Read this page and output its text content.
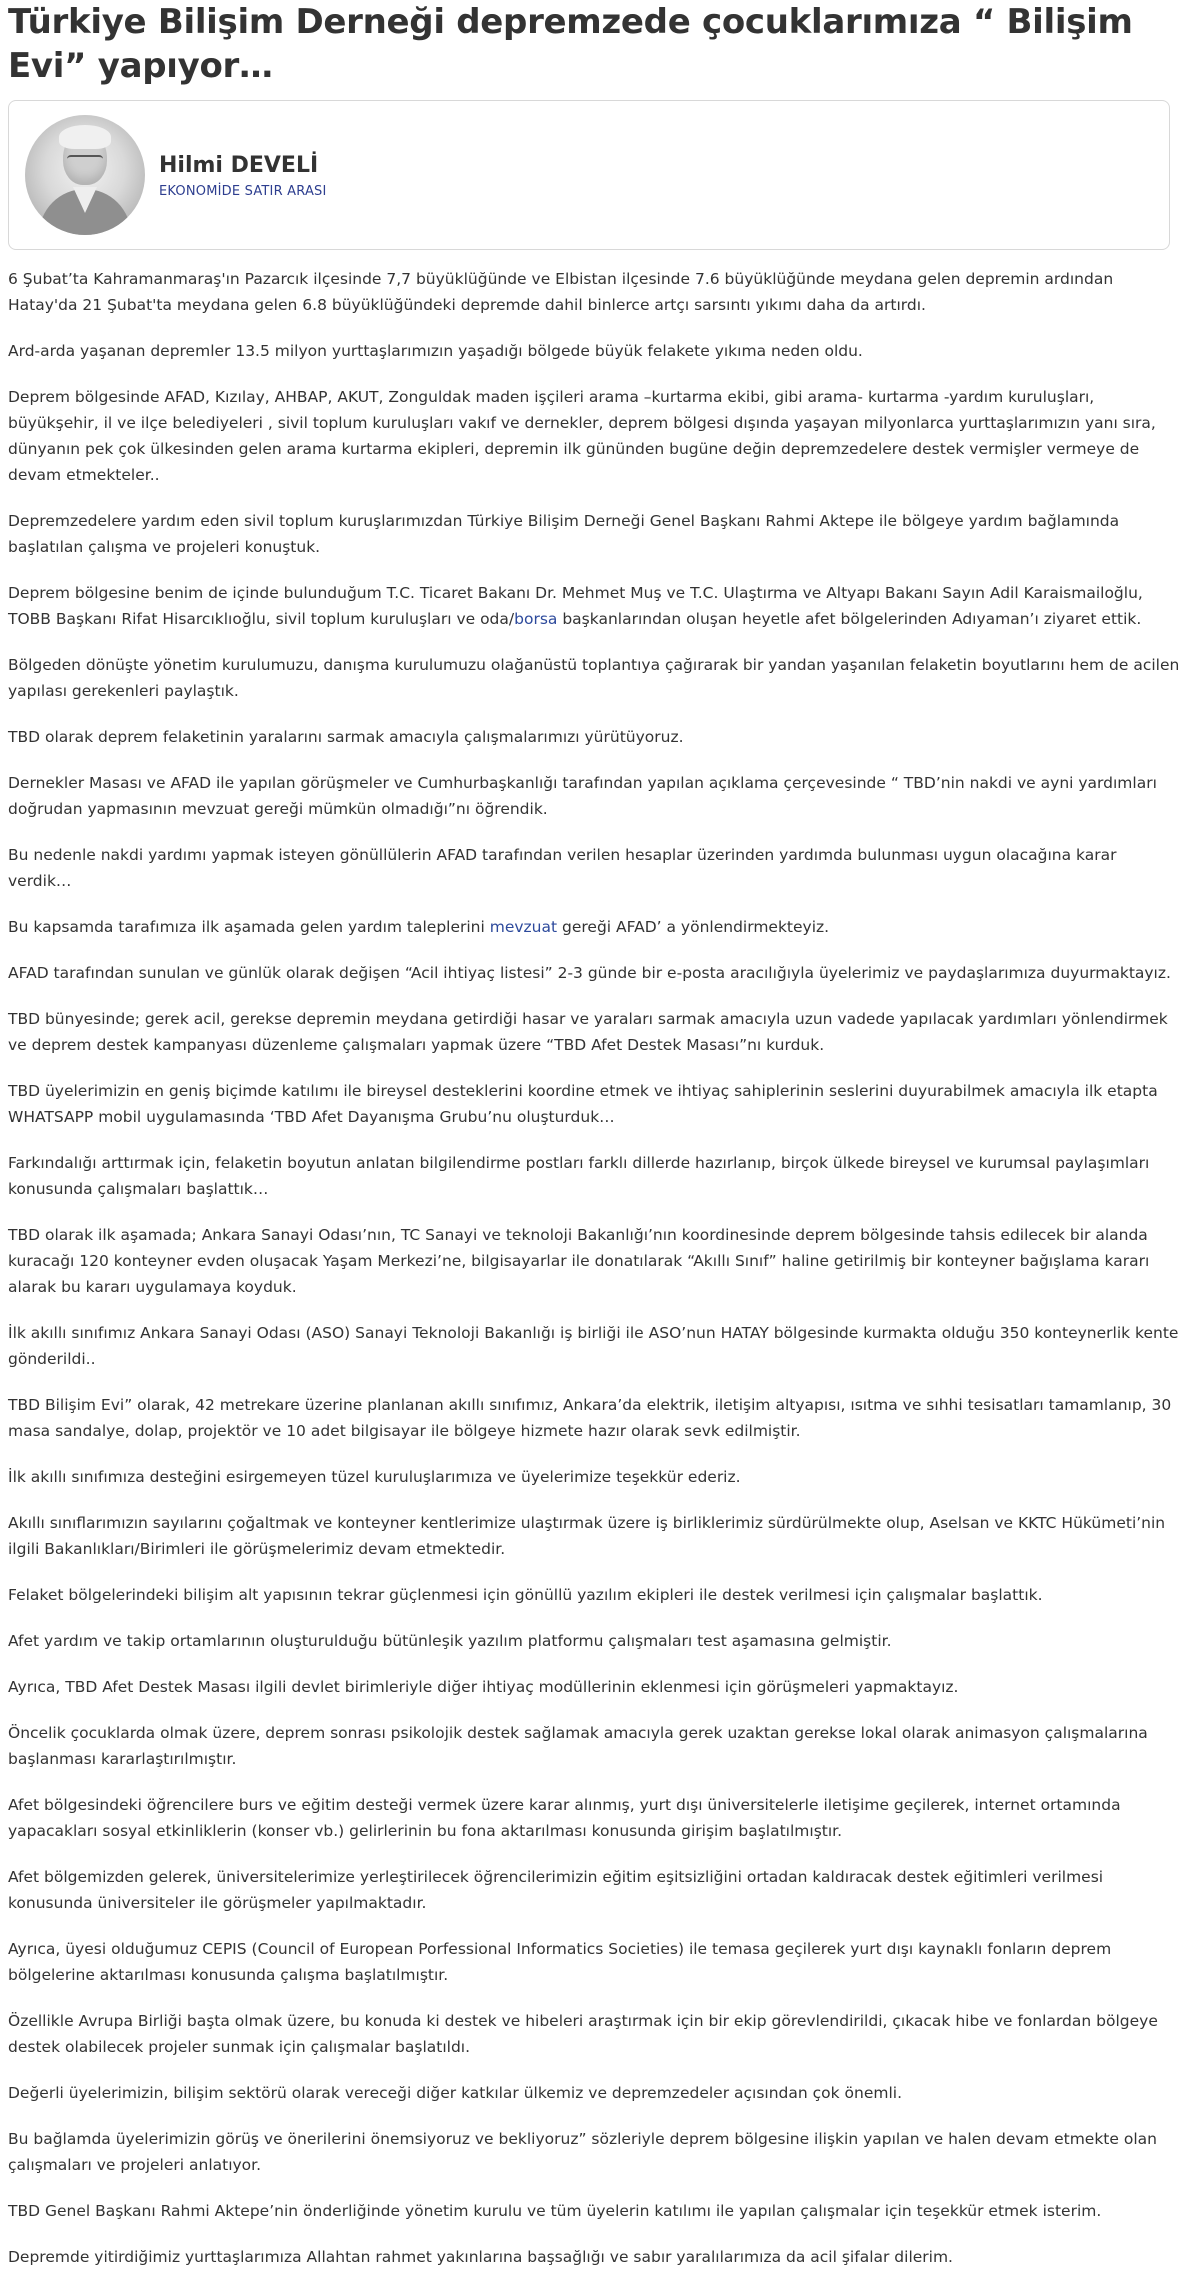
Türkiye Bilişim Derneği depremzede çocuklarımıza “ Bilişim Evi” yapıyor…
Hilmi DEVELİ
EKONOMİDE SATIR ARASI

6 Şubat’ta Kahramanmaraş'ın Pazarcık ilçesinde 7,7 büyüklüğünde ve Elbistan ilçesinde 7.6 büyüklüğünde meydana gelen depremin ardından Hatay'da 21 Şubat'ta meydana gelen 6.8 büyüklüğündeki depremde dahil binlerce artçı sarsıntı yıkımı daha da artırdı.

Ard-arda yaşanan depremler 13.5 milyon yurttaşlarımızın yaşadığı bölgede büyük felakete yıkıma neden oldu.

Deprem bölgesinde AFAD, Kızılay, AHBAP, AKUT, Zonguldak maden işçileri arama –kurtarma ekibi, gibi arama- kurtarma -yardım kuruluşları, büyükşehir, il ve ilçe belediyeleri , sivil toplum kuruluşları vakıf ve dernekler, deprem bölgesi dışında yaşayan milyonlarca yurttaşlarımızın yanı sıra, dünyanın pek çok ülkesinden gelen arama kurtarma ekipleri, depremin ilk gününden bugüne değin depremzedelere destek vermişler vermeye de devam etmekteler..

Depremzedelere yardım eden sivil toplum kuruşlarımızdan Türkiye Bilişim Derneği Genel Başkanı Rahmi Aktepe ile bölgeye yardım bağlamında başlatılan çalışma ve projeleri konuştuk.

Deprem bölgesine benim de içinde bulunduğum T.C. Ticaret Bakanı Dr. Mehmet Muş ve T.C. Ulaştırma ve Altyapı Bakanı Sayın Adil Karaismailoğlu, TOBB Başkanı Rifat Hisarcıklıoğlu, sivil toplum kuruluşları ve oda/borsa başkanlarından oluşan heyetle afet bölgelerinden Adıyaman’ı ziyaret ettik.

Bölgeden dönüşte yönetim kurulumuzu, danışma kurulumuzu olağanüstü toplantıya çağırarak bir yandan yaşanılan felaketin boyutlarını hem de acilen yapılası gerekenleri paylaştık.

TBD olarak deprem felaketinin yaralarını sarmak amacıyla çalışmalarımızı yürütüyoruz.

Dernekler Masası ve AFAD ile yapılan görüşmeler ve Cumhurbaşkanlığı tarafından yapılan açıklama çerçevesinde “ TBD’nin nakdi ve ayni yardımları doğrudan yapmasının mevzuat gereği mümkün olmadığı”nı öğrendik.

Bu nedenle nakdi yardımı yapmak isteyen gönüllülerin AFAD tarafından verilen hesaplar üzerinden yardımda bulunması uygun olacağına karar verdik…

Bu kapsamda tarafımıza ilk aşamada gelen yardım taleplerini mevzuat gereği AFAD’ a yönlendirmekteyiz.

AFAD tarafından sunulan ve günlük olarak değişen “Acil ihtiyaç listesi” 2-3 günde bir e-posta aracılığıyla üyelerimiz ve paydaşlarımıza duyurmaktayız.

TBD bünyesinde; gerek acil, gerekse depremin meydana getirdiği hasar ve yaraları sarmak amacıyla uzun vadede yapılacak yardımları yönlendirmek ve deprem destek kampanyası düzenleme çalışmaları yapmak üzere “TBD Afet Destek Masası”nı kurduk.

TBD üyelerimizin en geniş biçimde katılımı ile bireysel desteklerini koordine etmek ve ihtiyaç sahiplerinin seslerini duyurabilmek amacıyla ilk etapta WHATSAPP mobil uygulamasında ‘TBD Afet Dayanışma Grubu’nu oluşturduk…

Farkındalığı arttırmak için, felaketin boyutun anlatan bilgilendirme postları farklı dillerde hazırlanıp, birçok ülkede bireysel ve kurumsal paylaşımları konusunda çalışmaları başlattık…

TBD olarak ilk aşamada; Ankara Sanayi Odası’nın, TC Sanayi ve teknoloji Bakanlığı’nın koordinesinde deprem bölgesinde tahsis edilecek bir alanda kuracağı 120 konteyner evden oluşacak Yaşam Merkezi’ne, bilgisayarlar ile donatılarak “Akıllı Sınıf” haline getirilmiş bir konteyner bağışlama kararı alarak bu kararı uygulamaya koyduk.

İlk akıllı sınıfımız Ankara Sanayi Odası (ASO) Sanayi Teknoloji Bakanlığı iş birliği ile ASO’nun HATAY bölgesinde kurmakta olduğu 350 konteynerlik kente gönderildi..

TBD Bilişim Evi” olarak, 42 metrekare üzerine planlanan akıllı sınıfımız, Ankara’da elektrik, iletişim altyapısı, ısıtma ve sıhhi tesisatları tamamlanıp, 30 masa sandalye, dolap, projektör ve 10 adet bilgisayar ile bölgeye hizmete hazır olarak sevk edilmiştir.

İlk akıllı sınıfımıza desteğini esirgemeyen tüzel kuruluşlarımıza ve üyelerimize teşekkür ederiz.

Akıllı sınıflarımızın sayılarını çoğaltmak ve konteyner kentlerimize ulaştırmak üzere iş birliklerimiz sürdürülmekte olup, Aselsan ve KKTC Hükümeti’nin ilgili Bakanlıkları/Birimleri ile görüşmelerimiz devam etmektedir.

Felaket bölgelerindeki bilişim alt yapısının tekrar güçlenmesi için gönüllü yazılım ekipleri ile destek verilmesi için çalışmalar başlattık.

Afet yardım ve takip ortamlarının oluşturulduğu bütünleşik yazılım platformu çalışmaları test aşamasına gelmiştir.

Ayrıca, TBD Afet Destek Masası ilgili devlet birimleriyle diğer ihtiyaç modüllerinin eklenmesi için görüşmeleri yapmaktayız.

Öncelik çocuklarda olmak üzere, deprem sonrası psikolojik destek sağlamak amacıyla gerek uzaktan gerekse lokal olarak animasyon çalışmalarına başlanması kararlaştırılmıştır.

Afet bölgesindeki öğrencilere burs ve eğitim desteği vermek üzere karar alınmış, yurt dışı üniversitelerle iletişime geçilerek, internet ortamında yapacakları sosyal etkinliklerin (konser vb.) gelirlerinin bu fona aktarılması konusunda girişim başlatılmıştır.

Afet bölgemizden gelerek, üniversitelerimize yerleştirilecek öğrencilerimizin eğitim eşitsizliğini ortadan kaldıracak destek eğitimleri verilmesi konusunda üniversiteler ile görüşmeler yapılmaktadır.

Ayrıca, üyesi olduğumuz CEPIS (Council of European Porfessional Informatics Societies) ile temasa geçilerek yurt dışı kaynaklı fonların deprem bölgelerine aktarılması konusunda çalışma başlatılmıştır.

Özellikle Avrupa Birliği başta olmak üzere, bu konuda ki destek ve hibeleri araştırmak için bir ekip görevlendirildi, çıkacak hibe ve fonlardan bölgeye destek olabilecek projeler sunmak için çalışmalar başlatıldı.

Değerli üyelerimizin, bilişim sektörü olarak vereceği diğer katkılar ülkemiz ve depremzedeler açısından çok önemli.

Bu bağlamda üyelerimizin görüş ve önerilerini önemsiyoruz ve bekliyoruz” sözleriyle deprem bölgesine ilişkin yapılan ve halen devam etmekte olan çalışmaları ve projeleri anlatıyor.

TBD Genel Başkanı Rahmi Aktepe’nin önderliğinde yönetim kurulu ve tüm üyelerin katılımı ile yapılan çalışmalar için teşekkür etmek isterim.

Depremde yitirdiğimiz yurttaşlarımıza Allahtan rahmet yakınlarına başsağlığı ve sabır yaralılarımıza da acil şifalar dilerim.
